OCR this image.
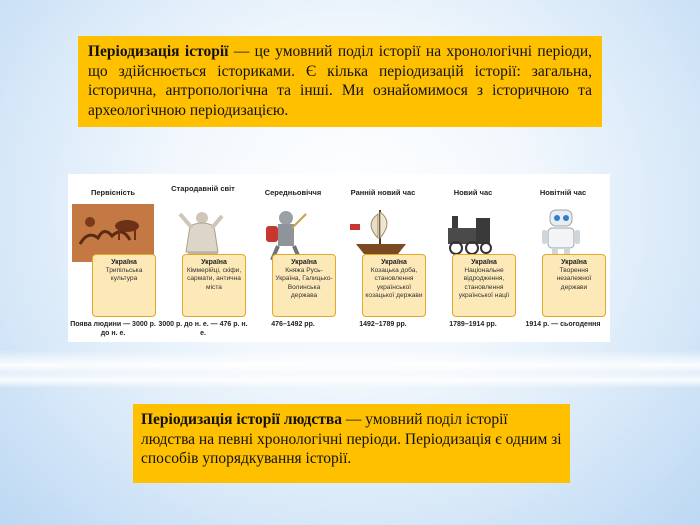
Періодизація історії — це умовний поділ історії на хронологічні періоди, що здійснюється істориками. Є кілька періодизацій історії: загальна, історична, антропологічна та інші. Ми ознайомимося з історичною та археологічною періодизацією.
Первісність
Україна
Трипільська культура
Поява людини — 3000 р. до н. е.
Стародавній світ
Україна
Кіммерійці, скіфи, сармати, антична міста
3000 р. до н. е. — 476 р. н. е.
Середньовіччя
Україна
Княжа Русь-Україна, Галицько-Волинська держава
476–1492 рр.
Ранній новий час
Україна
Козацька доба, становлення української козацької держави
1492–1789 рр.
Новий час
Україна
Національне відродження, становлення української нації
1789–1914 рр.
Новітній час
Україна
Творення незалежної держави
1914 р. — сьогодення
Періодизація історії людства — умовний поділ історії людства на певні хронологічні періоди. Періодизація є одним зі способів упорядкування історії.
